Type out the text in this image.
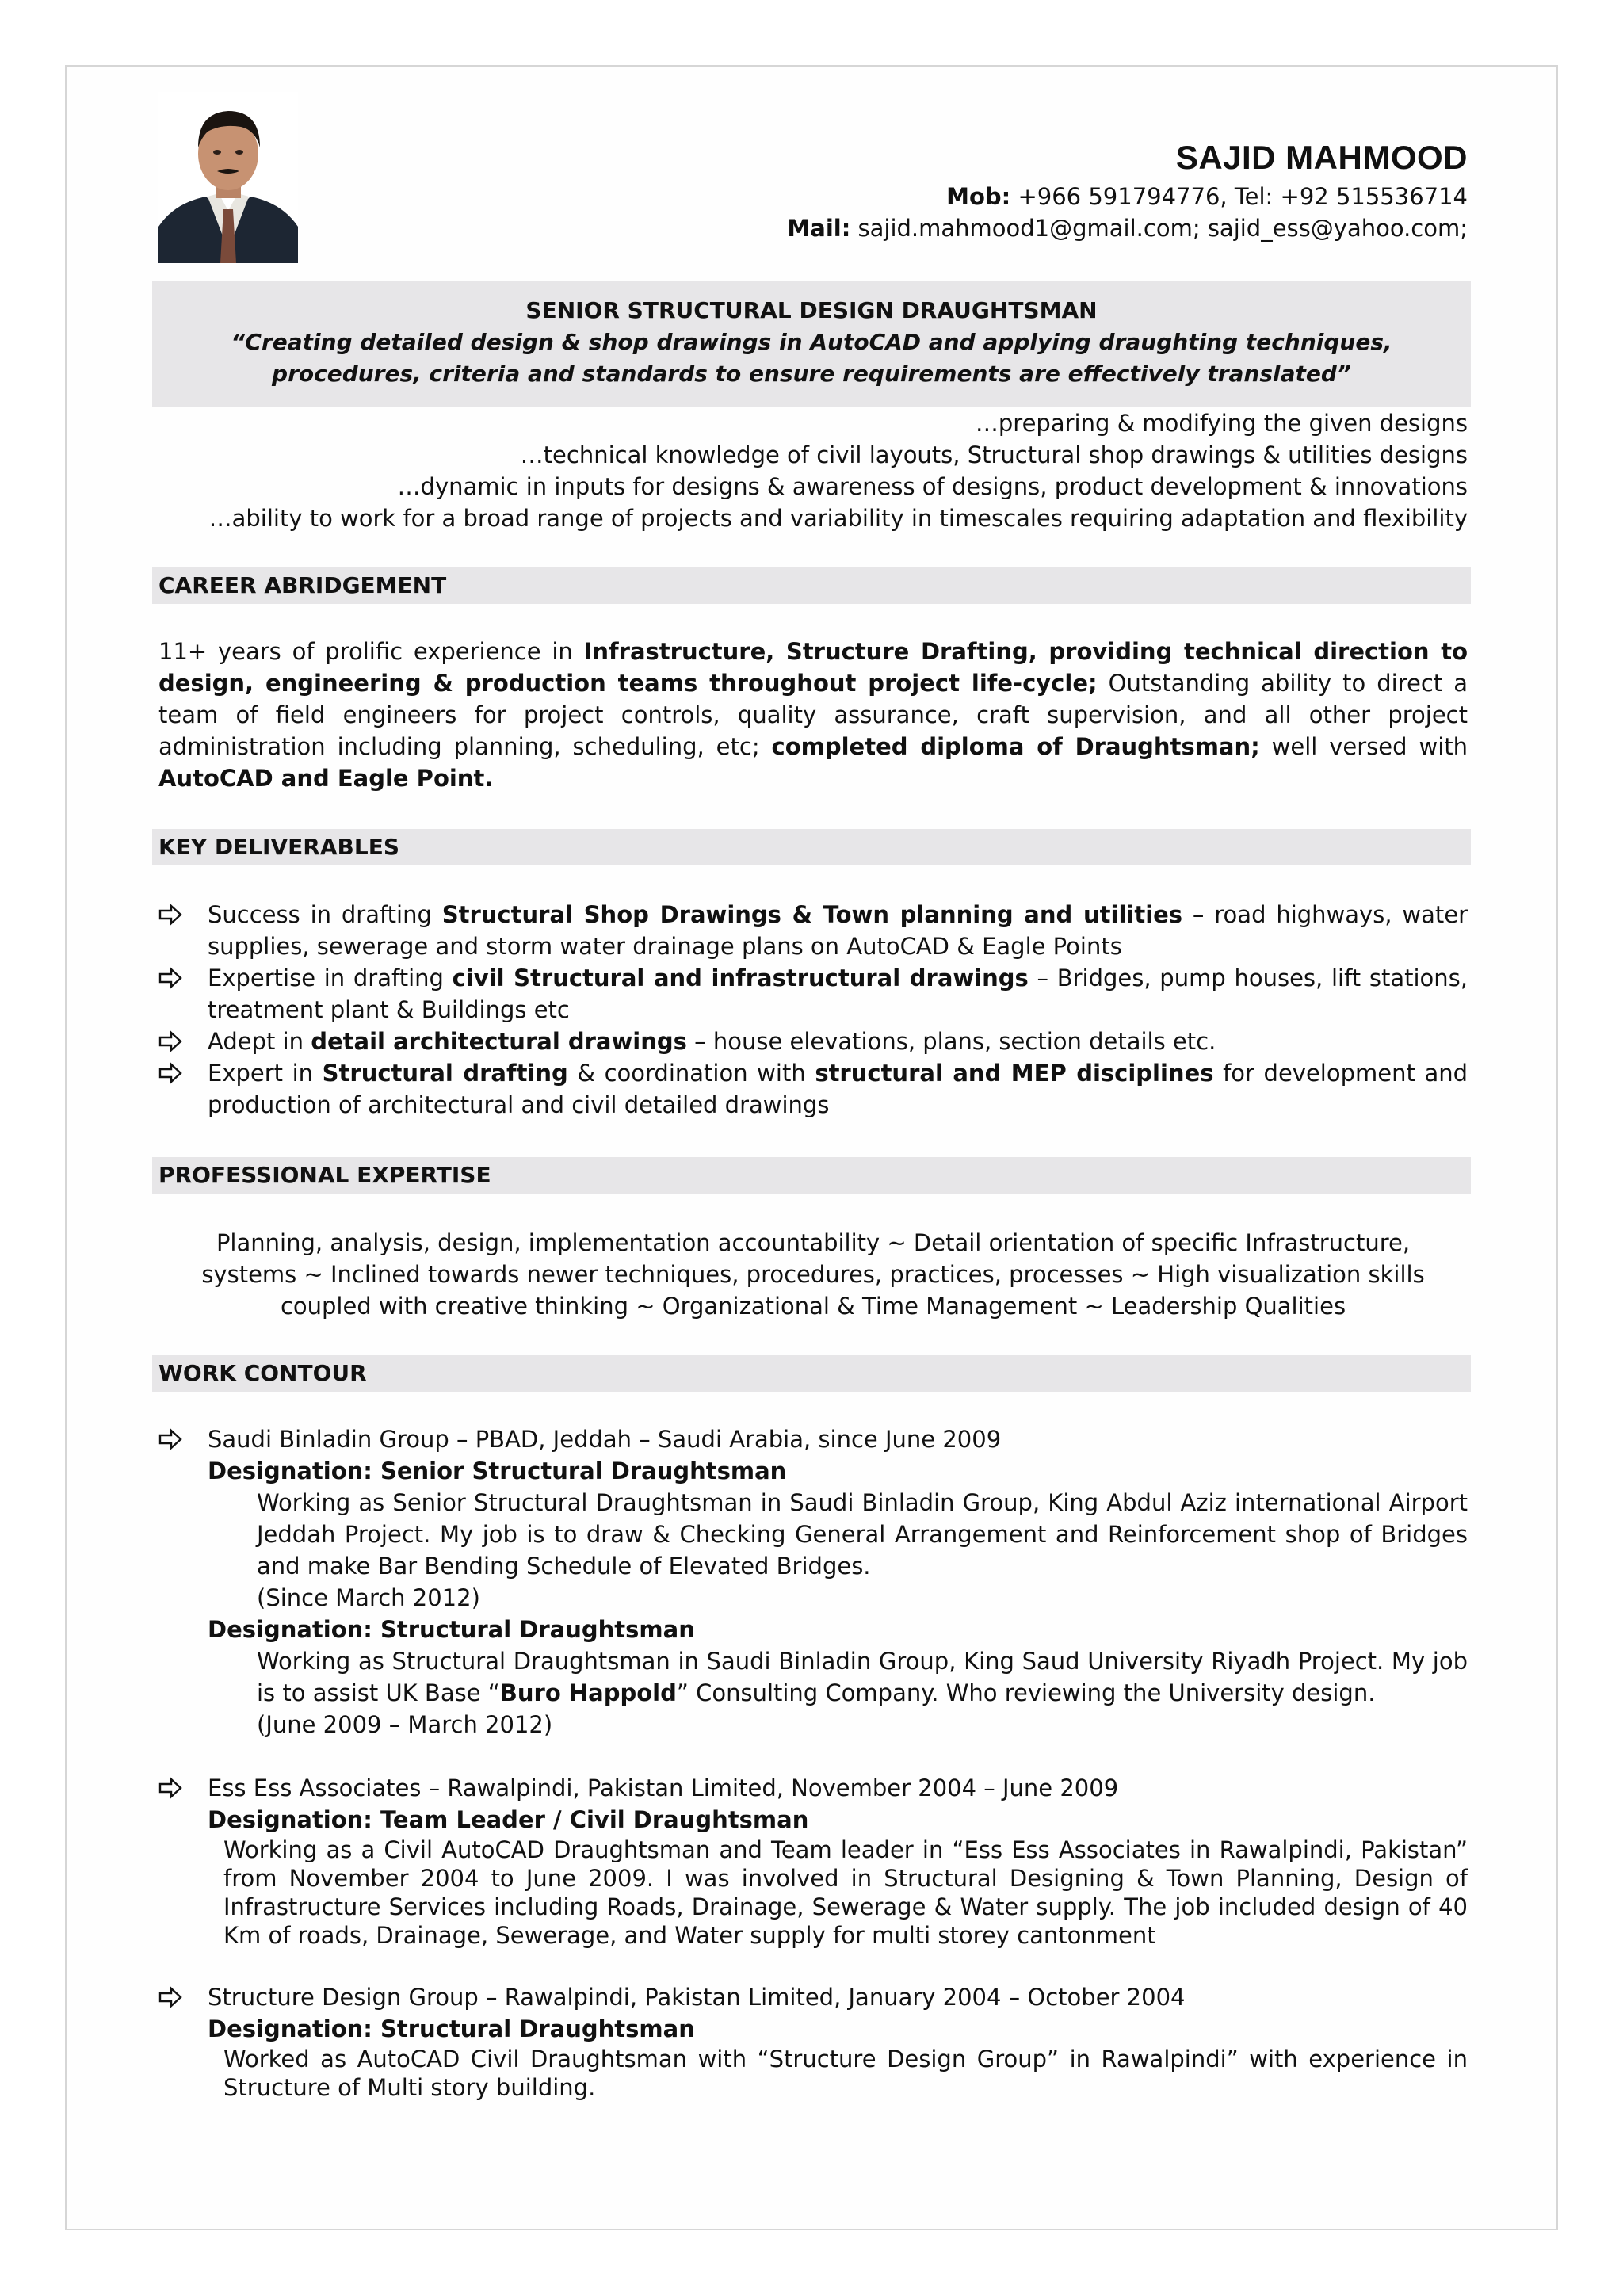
SAJID MAHMOOD
Mob: +966 591794776, Tel: +92 515536714
Mail: sajid.mahmood1@gmail.com; sajid_ess@yahoo.com;
SENIOR STRUCTURAL DESIGN DRAUGHTSMAN
“Creating detailed design & shop drawings in AutoCAD and applying draughting techniques, procedures, criteria and standards to ensure requirements are effectively translated”
…preparing & modifying the given designs
…technical knowledge of civil layouts, Structural shop drawings & utilities designs
…dynamic in inputs for designs & awareness of designs, product development & innovations
…ability to work for a broad range of projects and variability in timescales requiring adaptation and flexibility
CAREER ABRIDGEMENT
11+ years of prolific experience in Infrastructure, Structure Drafting, providing technical direction to design, engineering & production teams throughout project life-cycle; Outstanding ability to direct a team of field engineers for project controls, quality assurance, craft supervision, and all other project administration including planning, scheduling, etc; completed diploma of Draughtsman; well versed with AutoCAD and Eagle Point.
KEY DELIVERABLES
Success in drafting Structural Shop Drawings & Town planning and utilities – road highways, water supplies, sewerage and storm water drainage plans on AutoCAD & Eagle Points
Expertise in drafting civil Structural and infrastructural drawings – Bridges, pump houses, lift stations, treatment plant & Buildings etc
Adept in detail architectural drawings – house elevations, plans, section details etc.
Expert in Structural drafting & coordination with structural and MEP disciplines for development and production of architectural and civil detailed drawings
PROFESSIONAL EXPERTISE
Planning, analysis, design, implementation accountability ~ Detail orientation of specific Infrastructure,
systems ~ Inclined towards newer techniques, procedures, practices, processes ~ High visualization skills
coupled with creative thinking ~ Organizational & Time Management ~ Leadership Qualities
WORK CONTOUR
Saudi Binladin Group – PBAD, Jeddah – Saudi Arabia, since June 2009
Designation: Senior Structural Draughtsman
Working as Senior Structural Draughtsman in Saudi Binladin Group, King Abdul Aziz international Airport Jeddah Project. My job is to draw & Checking General Arrangement and Reinforcement shop of Bridges and make Bar Bending Schedule of Elevated Bridges.
(Since March 2012)
Designation: Structural Draughtsman
Working as Structural Draughtsman in Saudi Binladin Group, King Saud University Riyadh Project. My job is to assist UK Base “Buro Happold” Consulting Company. Who reviewing the University design.
(June 2009 – March 2012)
Ess Ess Associates – Rawalpindi, Pakistan Limited, November 2004 – June 2009
Designation: Team Leader / Civil Draughtsman
Working as a Civil AutoCAD Draughtsman and Team leader in “Ess Ess Associates in Rawalpindi, Pakistan” from November 2004 to June 2009. I was involved in Structural Designing & Town Planning, Design of Infrastructure Services including Roads, Drainage, Sewerage & Water supply. The job included design of 40 Km of roads, Drainage, Sewerage, and Water supply for multi storey cantonment
Structure Design Group – Rawalpindi, Pakistan Limited, January 2004 – October 2004
Designation: Structural Draughtsman
Worked as AutoCAD Civil Draughtsman with “Structure Design Group” in Rawalpindi” with experience in Structure of Multi story building.
